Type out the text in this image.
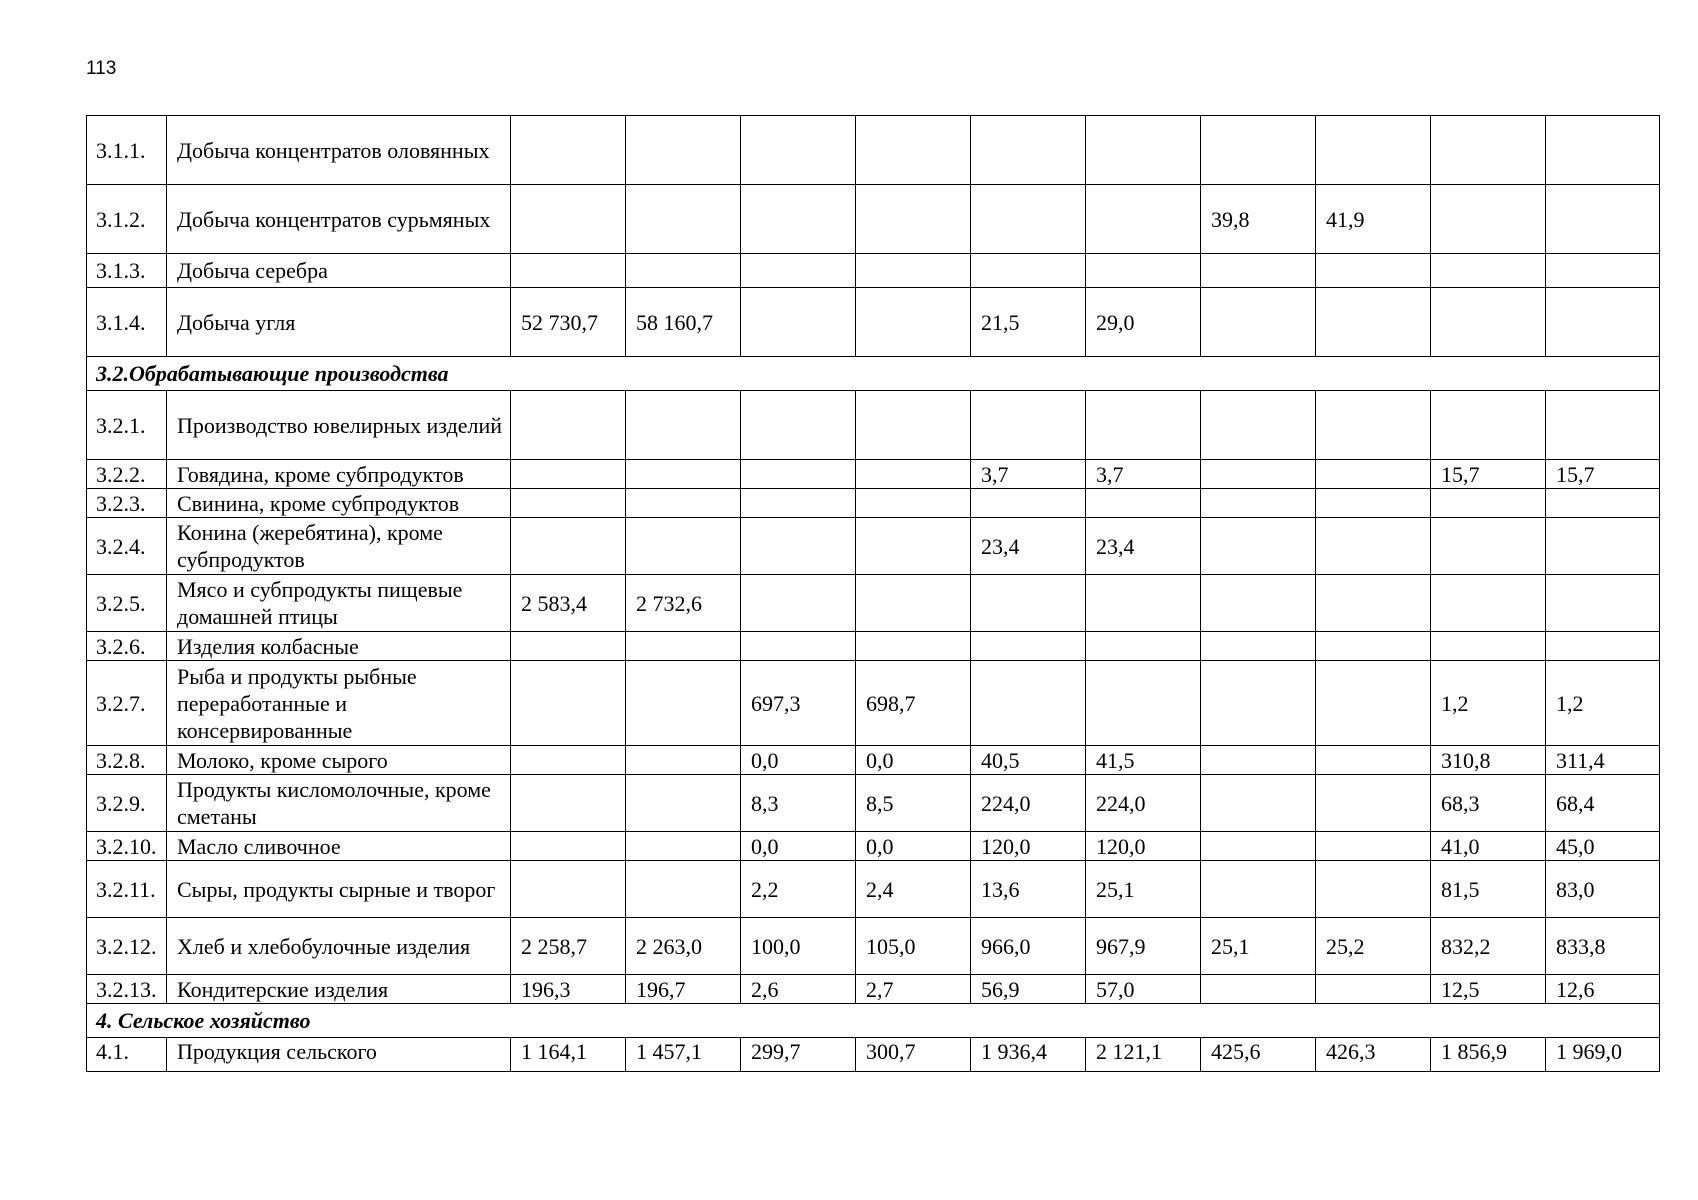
113
3.1.1.	Добыча концентратов оловянных										
3.1.2.	Добыча концентратов сурьмяных							39,8	41,9		
3.1.3.	Добыча серебра										
3.1.4.	Добыча угля	52 730,7	58 160,7			21,5	29,0				
3.2.Обрабатывающие производства											
3.2.1.	Производство ювелирных изделий										
3.2.2.	Говядина, кроме субпродуктов					3,7	3,7			15,7	15,7
3.2.3.	Свинина, кроме субпродуктов										
3.2.4.	Конина (жеребятина), кроме субпродуктов					23,4	23,4				
3.2.5.	Мясо и субпродукты пищевые домашней птицы	2 583,4	2 732,6								
3.2.6.	Изделия колбасные										
3.2.7.	Рыба и продукты рыбные переработанные и консервированные			697,3	698,7					1,2	1,2
3.2.8.	Молоко, кроме сырого			0,0	0,0	40,5	41,5			310,8	311,4
3.2.9.	Продукты кисломолочные, кроме сметаны			8,3	8,5	224,0	224,0			68,3	68,4
3.2.10.	Масло сливочное			0,0	0,0	120,0	120,0			41,0	45,0
3.2.11.	Сыры, продукты сырные и творог			2,2	2,4	13,6	25,1			81,5	83,0
3.2.12.	Хлеб и хлебобулочные изделия	2 258,7	2 263,0	100,0	105,0	966,0	967,9	25,1	25,2	832,2	833,8
3.2.13.	Кондитерские изделия	196,3	196,7	2,6	2,7	56,9	57,0			12,5	12,6
4. Сельское хозяйство											
4.1.	Продукция сельского	1 164,1	1 457,1	299,7	300,7	1 936,4	2 121,1	425,6	426,3	1 856,9	1 969,0
